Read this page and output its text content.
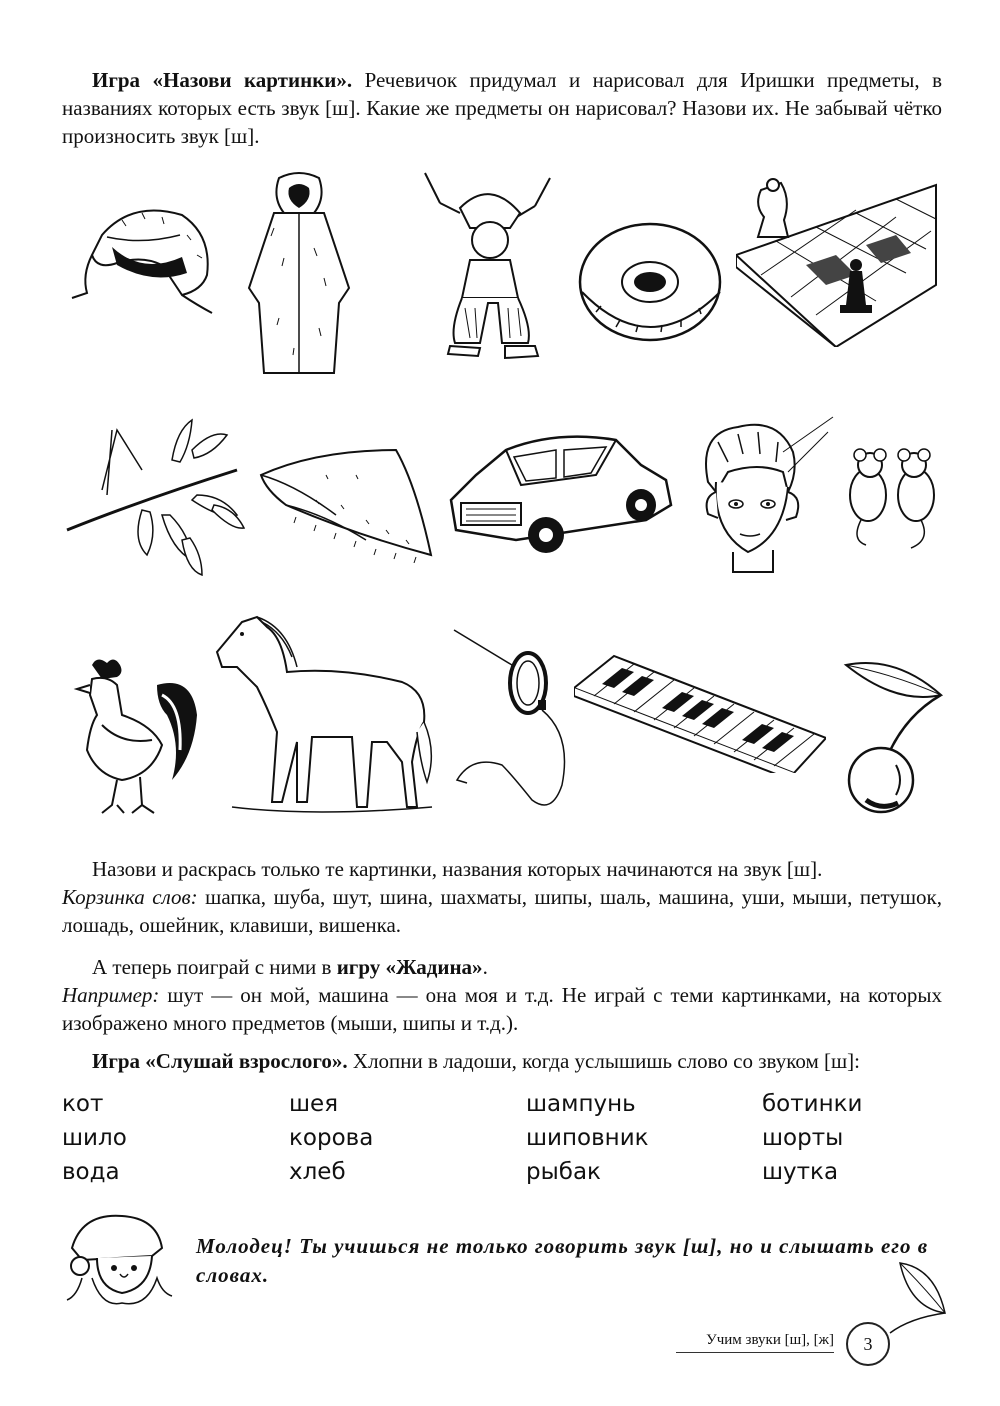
Игра «Назови картинки». Речевичок придумал и нарисовал для Иришки предметы, в названиях которых есть звук [ш]. Какие же предметы он нарисовал? Назови их. Не забывай чётко произносить звук [ш].
Назови и раскрась только те картинки, названия которых начинаются на звук [ш].
Корзинка слов: шапка, шуба, шут, шина, шахматы, шипы, шаль, машина, уши, мыши, петушок, лошадь, ошейник, клавиши, вишенка.
А теперь поиграй с ними в игру «Жадина».
Например: шут — он мой, машина — она моя и т.д. Не играй с теми картинками, на которых изображено много предметов (мыши, шипы и т.д.).
Игра «Слушай взрослого». Хлопни в ладоши, когда услышишь слово со звуком [ш]:
кот	шея	шампунь	ботинки
шило	корова	шиповник	шорты
вода	хлеб	рыбак	шутка
Молодец! Ты учишься не только говорить звук [ш], но и слышать его в словах.
Учим звуки [ш], [ж]	3
